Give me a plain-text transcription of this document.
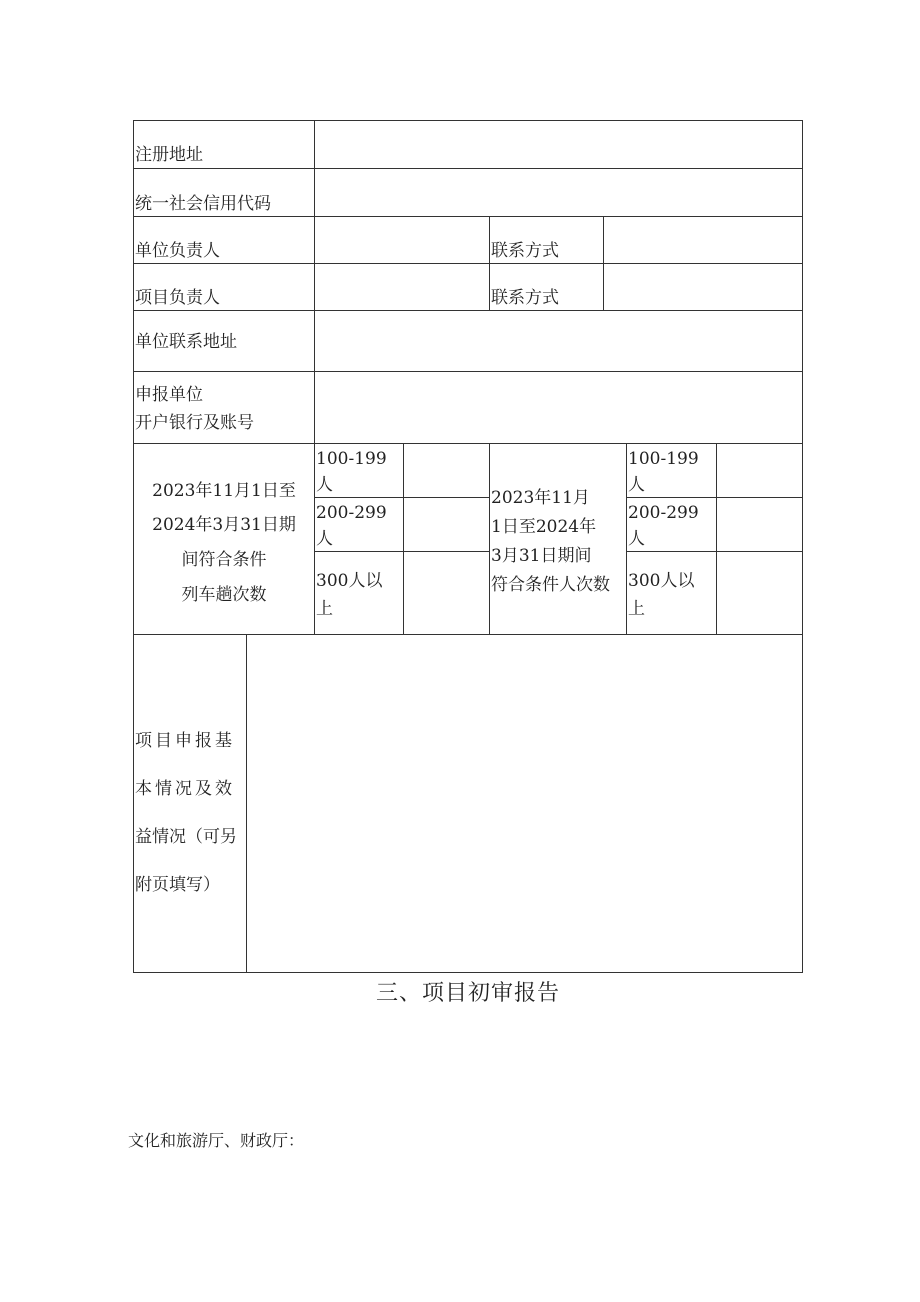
注册地址

统一社会信用代码

单位负责人	联系方式

项目负责人	联系方式

单位联系地址

申报单位

开户银行及账号

2023年11月1日至

2024年3月31日期

间符合条件

列车趟次数

100-199

人

200-299

人

300人以

上

2023年11月

1日至2024年

3月31日期间

符合条件人次数

100-199

人

200-299

人

300人以

上

项目申报基

本情况及效

益情况（可另

附页填写）

三、项目初审报告

文化和旅游厅、财政厅：
